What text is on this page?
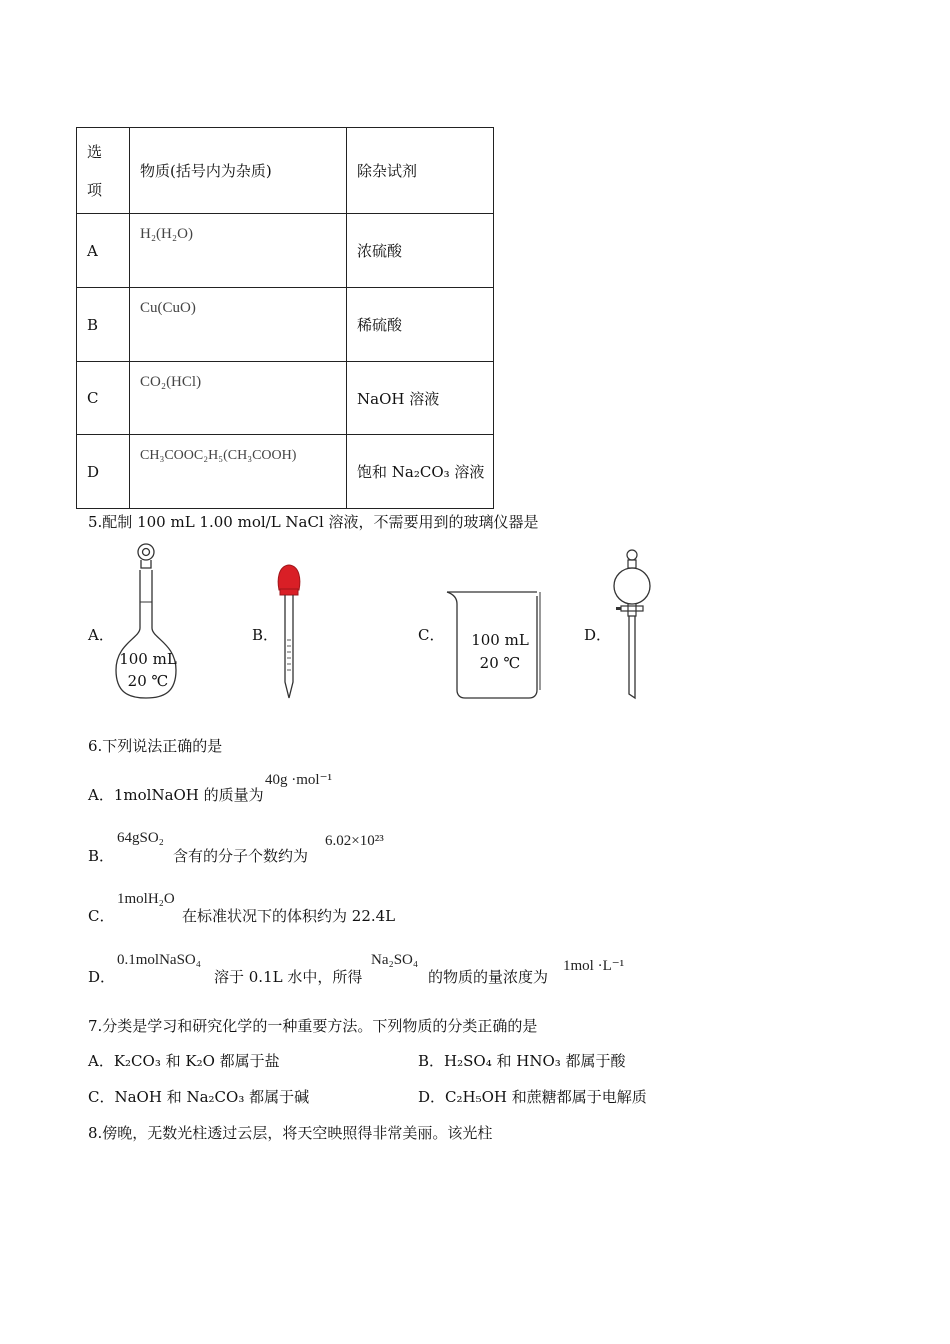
选
项	物质(括号内为杂质)	除杂试剂
A	H₂(H₂O)	浓硫酸
B	Cu(CuO)	稀硫酸
C	CO₂(HCl)	NaOH 溶液
D	CH₃COOC₂H₅(CH₃COOH)	饱和 Na₂CO₃ 溶液
5.配制 100 mL 1.00 mol/L NaCl 溶液，不需要用到的玻璃仪器是
A．
100 mL
20 ℃
B．	C．	100 mL
20 ℃
D．
6.下列说法正确的是
A．1molNaOH 的质量为
40g ·mol⁻¹
B．
64gSO₂
含有的分子个数约为
6.02×10²³
C．
1molH₂O
在标准状况下的体积约为 22.4L
D．
0.1molNaSO₄
溶于 0.1L 水中，所得
Na₂SO₄
的物质的量浓度为
1mol ·L⁻¹
7.分类是学习和研究化学的一种重要方法。下列物质的分类正确的是
A．K₂CO₃ 和 K₂O 都属于盐	B．H₂SO₄ 和 HNO₃ 都属于酸
C．NaOH 和 Na₂CO₃ 都属于碱	D．C₂H₅OH 和蔗糖都属于电解质
8.傍晚，无数光柱透过云层，将天空映照得非常美丽。该光柱
